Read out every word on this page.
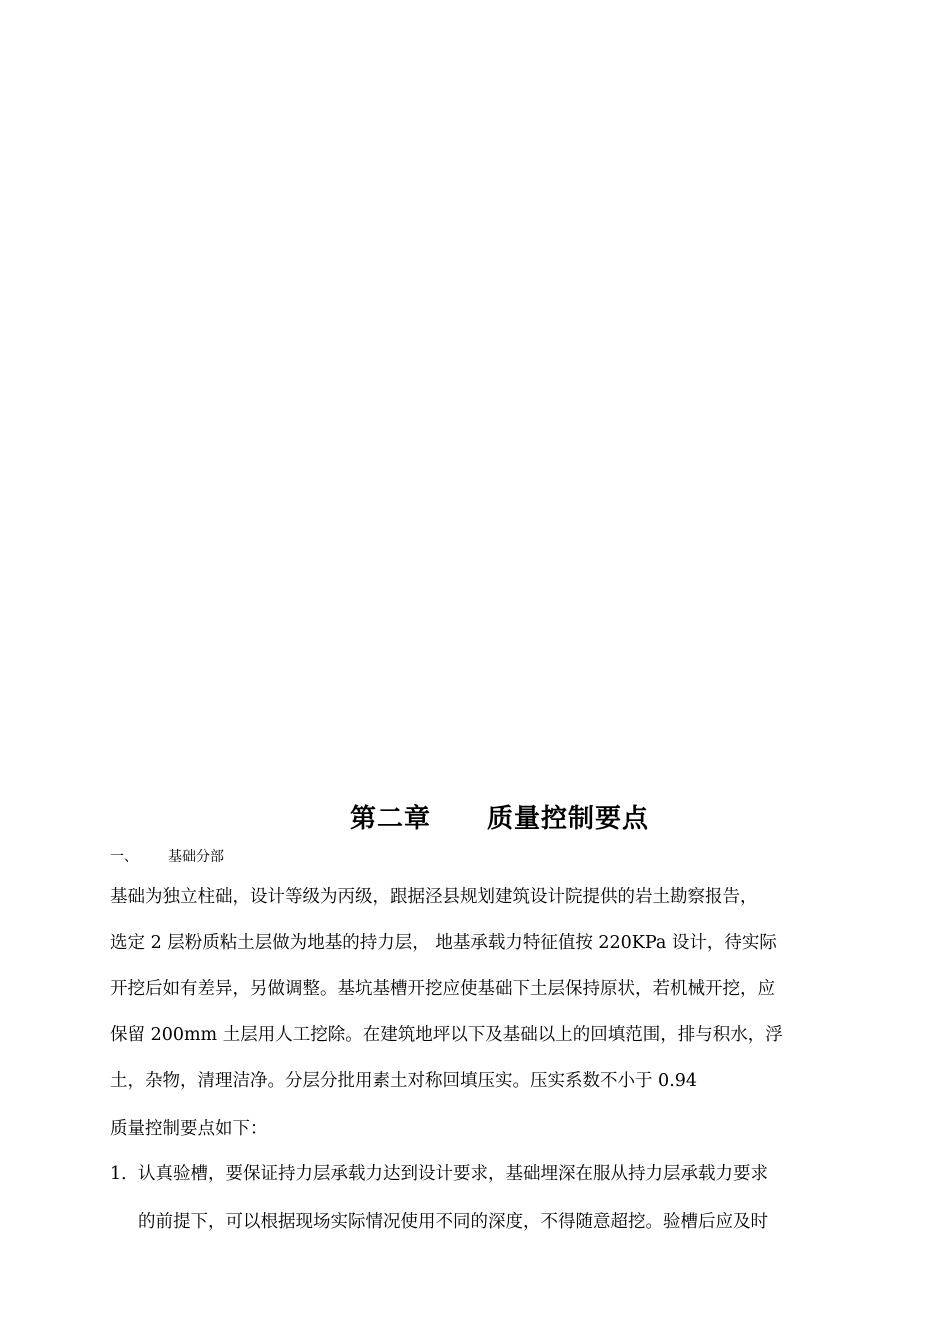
第二章 质量控制要点
一、 基础分部
基础为独立柱础，设计等级为丙级，跟据泾县规划建筑设计院提供的岩土勘察报告，
选定 2 层粉质粘土层做为地基的持力层， 地基承载力特征值按 220KPa 设计，待实际
开挖后如有差异，另做调整。基坑基槽开挖应使基础下土层保持原状，若机械开挖，应
保留 200mm 土层用人工挖除。在建筑地坪以下及基础以上的回填范围，排与积水，浮
土，杂物，清理洁净。分层分批用素土对称回填压实。压实系数不小于 0.94
质量控制要点如下：
1． 认真验槽，要保证持力层承载力达到设计要求，基础埋深在服从持力层承载力要求
的前提下，可以根据现场实际情况使用不同的深度，不得随意超挖。验槽后应及时
